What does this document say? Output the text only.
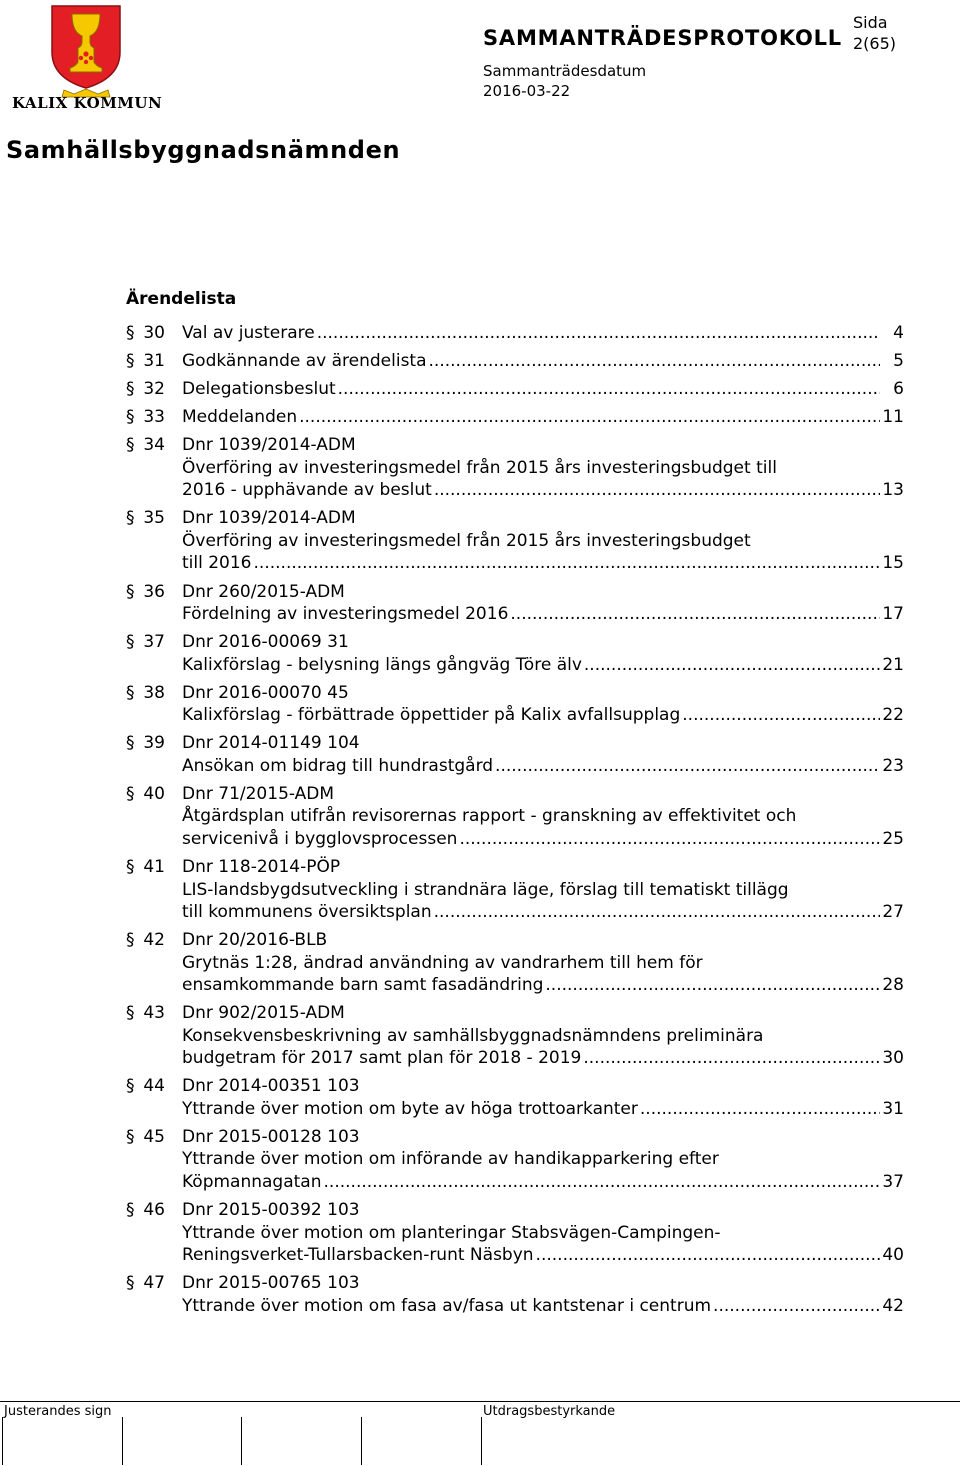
KALIX KOMMUN
SAMMANTRÄDESPROTOKOLL
Sida
2(65)
Sammanträdesdatum
2016-03-22
Samhällsbyggnadsnämnden
Ärendelista
§ 30	Val av justerare .....	4
§ 31	Godkännande av ärendelista .....	5
§ 32	Delegationsbeslut .....	6
§ 33	Meddelanden .....	11
§ 34	Dnr 1039/2014-ADM
Överföring av investeringsmedel från 2015 års investeringsbudget till
2016 - upphävande av beslut .....	13
§ 35	Dnr 1039/2014-ADM
Överföring av investeringsmedel från 2015 års investeringsbudget
till 2016 .....	15
§ 36	Dnr 260/2015-ADM
Fördelning av investeringsmedel 2016 .....	17
§ 37	Dnr 2016-00069 31
Kalixförslag - belysning längs gångväg Töre älv .....	21
§ 38	Dnr 2016-00070 45
Kalixförslag - förbättrade öppettider på Kalix avfallsupplag .....	22
§ 39	Dnr 2014-01149 104
Ansökan om bidrag till hundrastgård .....	23
§ 40	Dnr 71/2015-ADM
Åtgärdsplan utifrån revisorernas rapport - granskning av effektivitet och
servicenivå i bygglovsprocessen .....	25
§ 41	Dnr 118-2014-PÖP
LIS-landsbygdsutveckling i strandnära läge, förslag till tematiskt tillägg
till kommunens översiktsplan .....	27
§ 42	Dnr 20/2016-BLB
Grytnäs 1:28, ändrad användning av vandrarhem till hem för
ensamkommande barn samt fasadändring .....	28
§ 43	Dnr 902/2015-ADM
Konsekvensbeskrivning av samhällsbyggnadsnämndens preliminära
budgetram för 2017 samt plan för 2018 - 2019 .....	30
§ 44	Dnr 2014-00351 103
Yttrande över motion om byte av höga trottoarkanter .....	31
§ 45	Dnr 2015-00128 103
Yttrande över motion om införande av handikapparkering efter
Köpmannagatan .....	37
§ 46	Dnr 2015-00392 103
Yttrande över motion om planteringar Stabsvägen-Campingen-
Reningsverket-Tullarsbacken-runt Näsbyn .....	40
§ 47	Dnr 2015-00765 103
Yttrande över motion om fasa av/fasa ut kantstenar i centrum .....	42
Justerandes sign	Utdragsbestyrkande
